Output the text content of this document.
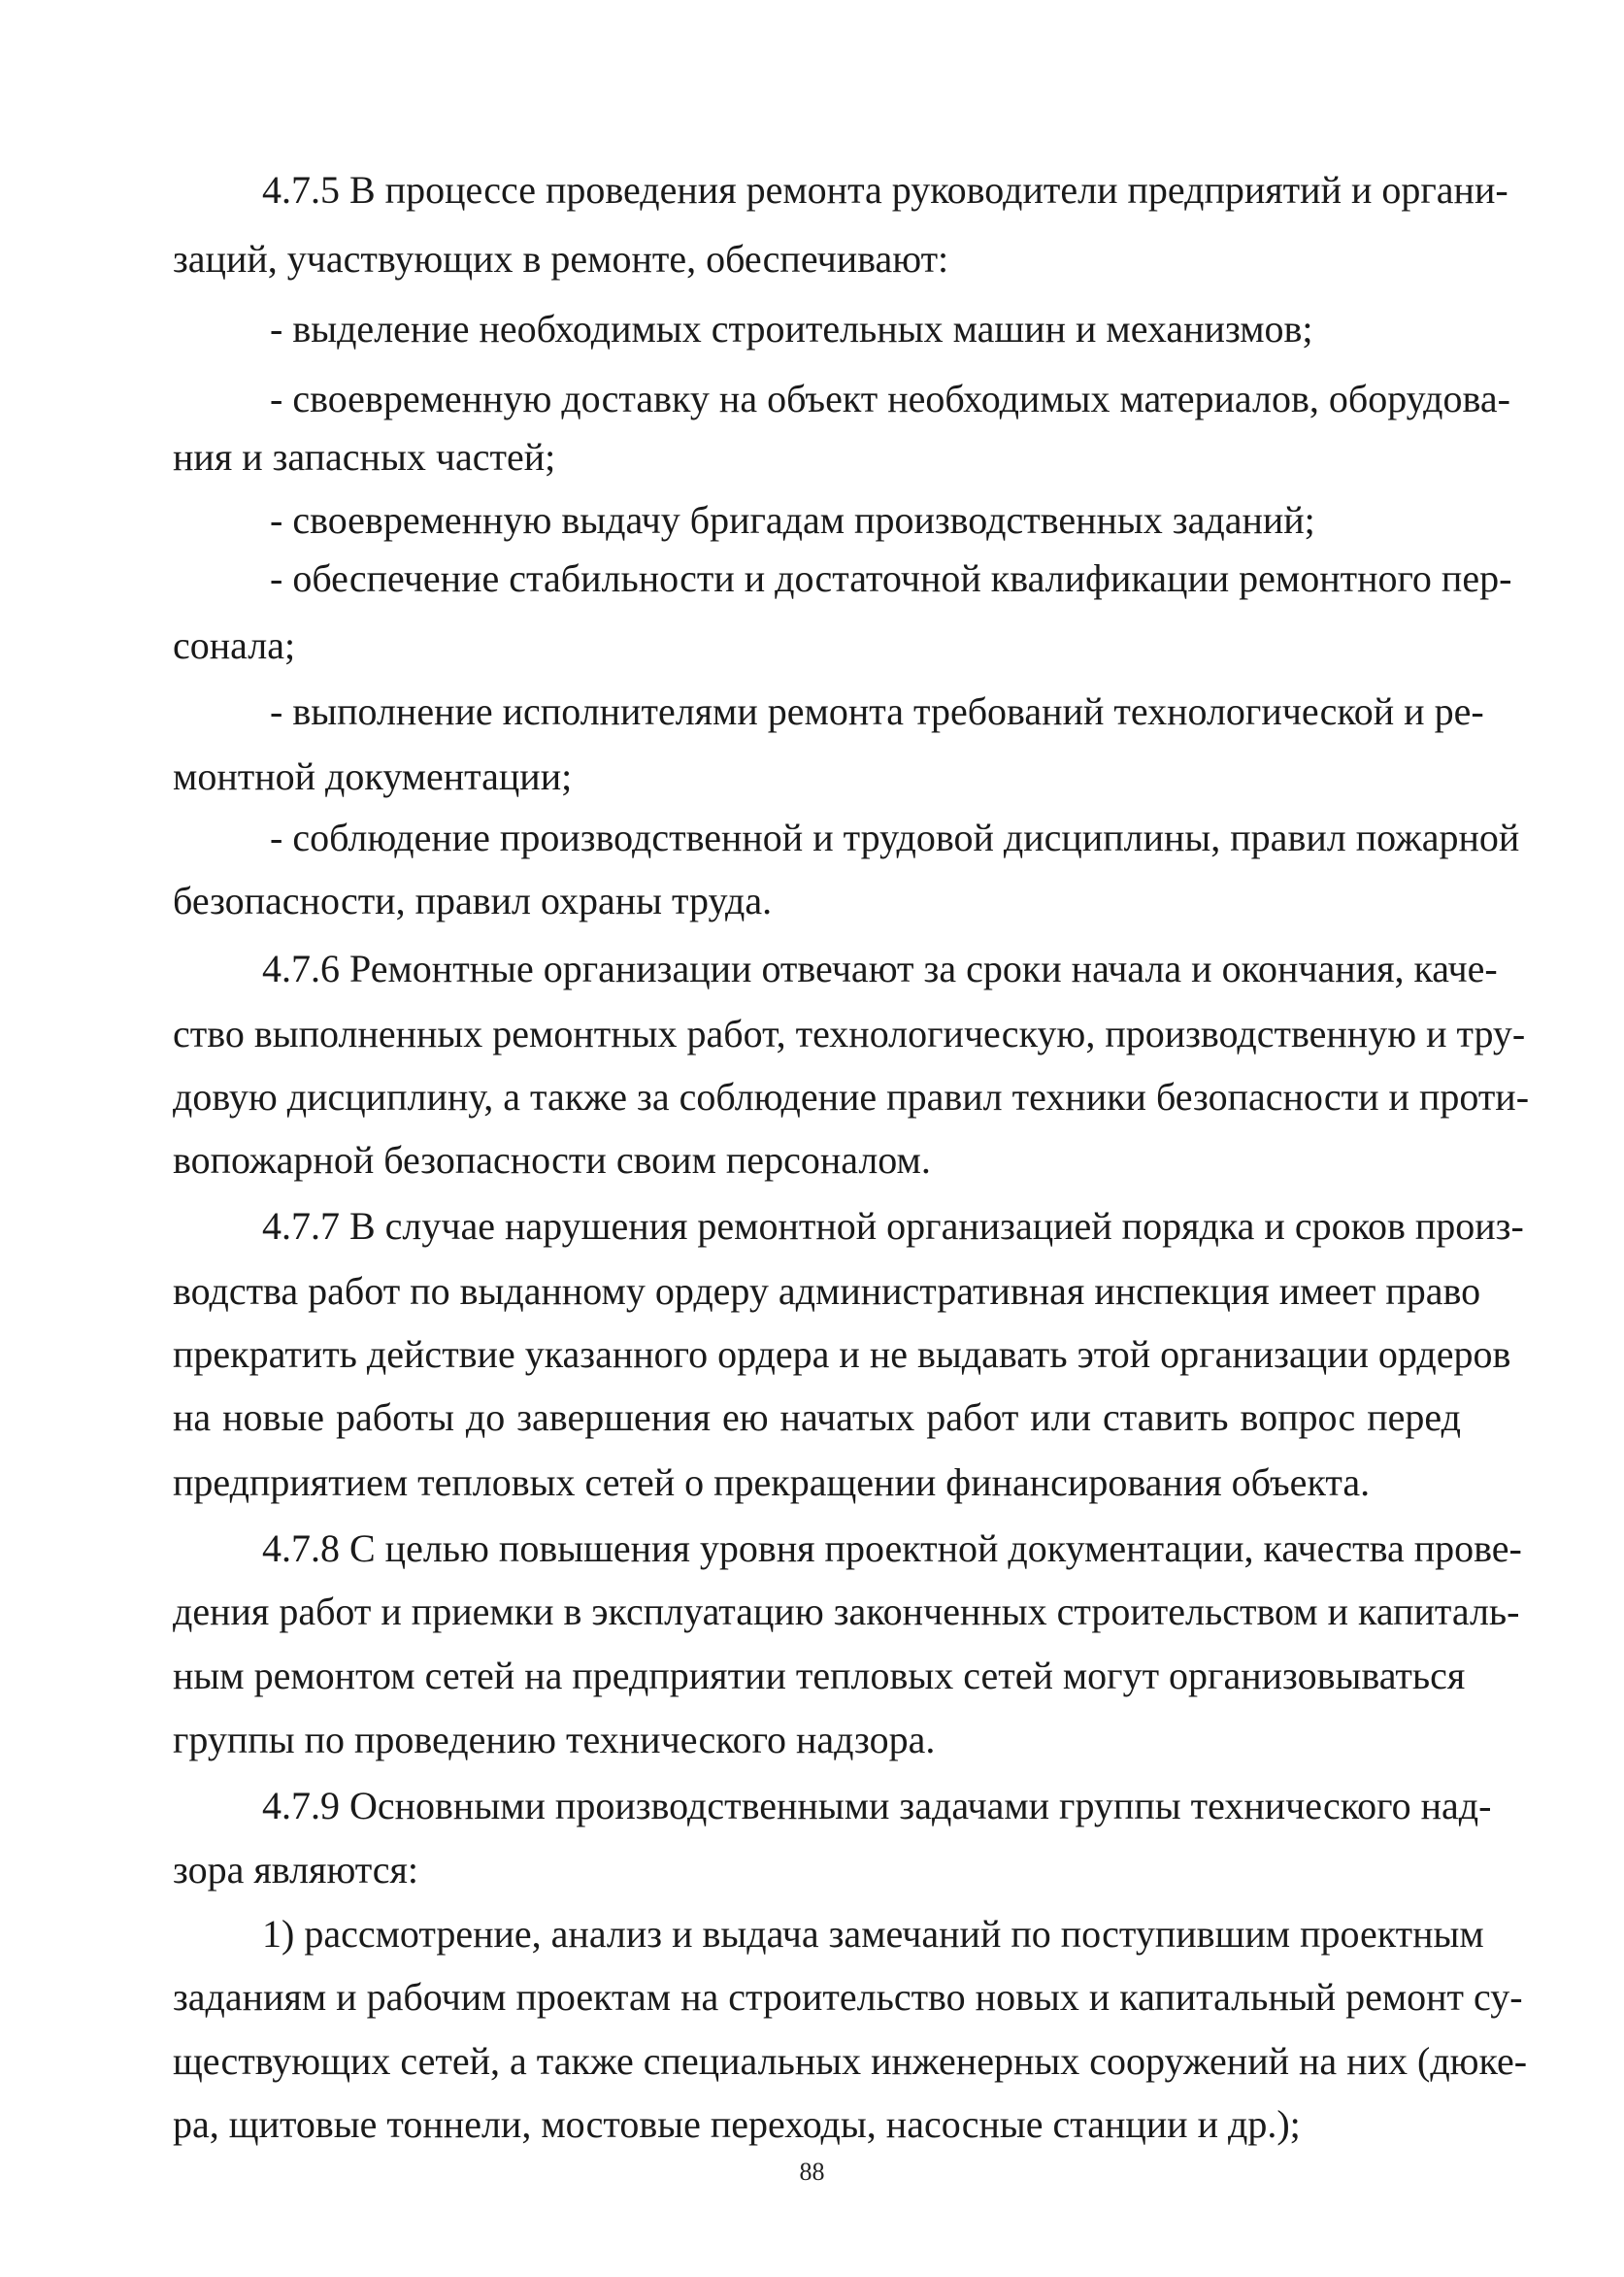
4.7.5 В процессе проведения ремонта руководители предприятий и органи-
заций, участвующих в ремонте, обеспечивают:
- выделение необходимых строительных машин и механизмов;
- своевременную доставку на объект необходимых материалов, оборудова-
ния и запасных частей;
- своевременную выдачу бригадам производственных заданий;
- обеспечение стабильности и достаточной квалификации ремонтного пер-
сонала;
- выполнение исполнителями ремонта требований технологической и ре-
монтной документации;
- соблюдение производственной и трудовой дисциплины, правил пожарной
безопасности, правил охраны труда.
4.7.6 Ремонтные организации отвечают за сроки начала и окончания, каче-
ство выполненных ремонтных работ, технологическую, производственную и тру-
довую дисциплину, а также за соблюдение правил техники безопасности и проти-
вопожарной безопасности своим персоналом.
4.7.7 В случае нарушения ремонтной организацией порядка и сроков произ-
водства работ по выданному ордеру административная инспекция имеет право
прекратить действие указанного ордера и не выдавать этой организации ордеров
на новые работы до завершения ею начатых работ или ставить вопрос перед
предприятием тепловых сетей о прекращении финансирования объекта.
4.7.8 С целью повышения уровня проектной документации, качества прове-
дения работ и приемки в эксплуатацию законченных строительством и капиталь-
ным ремонтом сетей на предприятии тепловых сетей могут организовываться
группы по проведению технического надзора.
4.7.9 Основными производственными задачами группы технического над-
зора являются:
1) рассмотрение, анализ и выдача замечаний по поступившим проектным
заданиям и рабочим проектам на строительство новых и капитальный ремонт су-
ществующих сетей, а также специальных инженерных сооружений на них (дюке-
ра, щитовые тоннели, мостовые переходы, насосные станции и др.);
88
